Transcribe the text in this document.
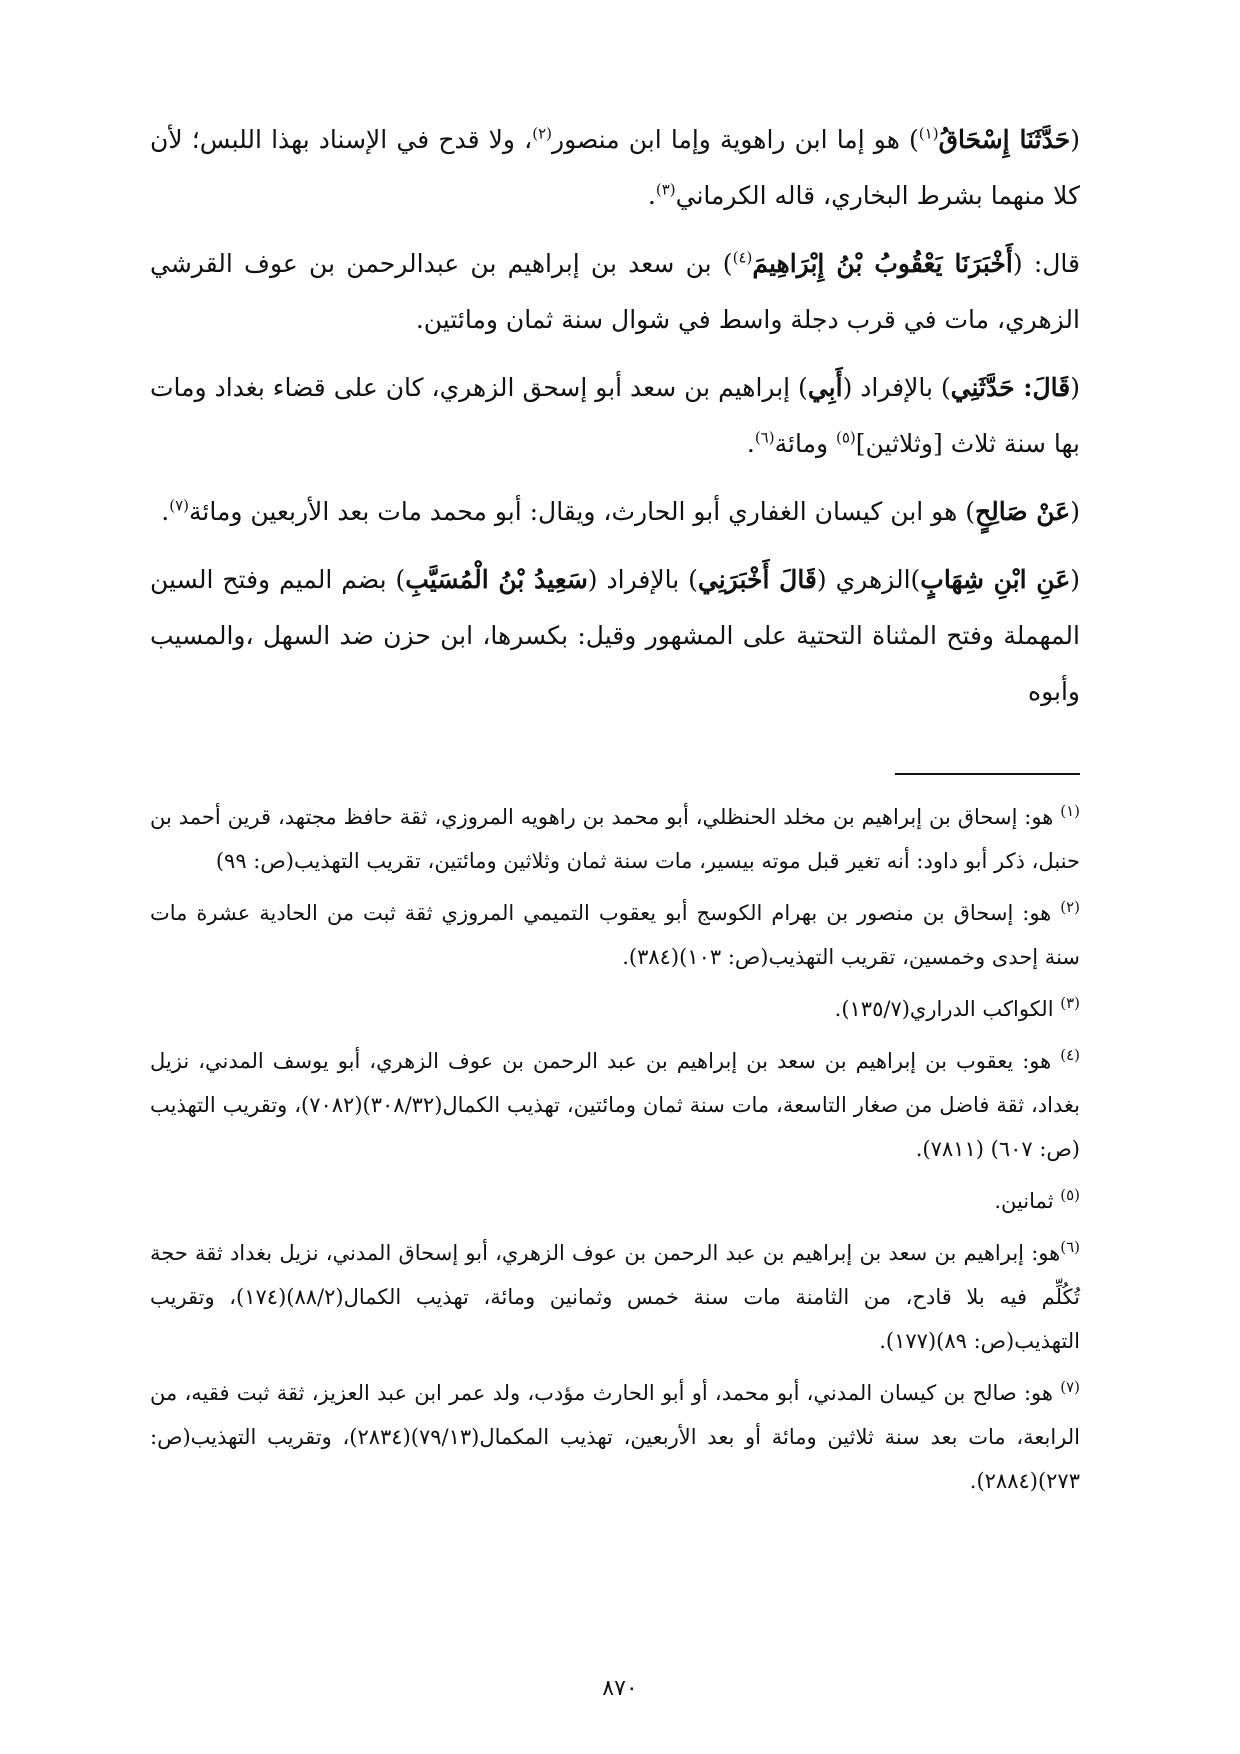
(حَدَّثَنَا إِسْحَاقُ$^{(١)}$) هو إما ابن راهوية وإما ابن منصور$^{(٢)}$، ولا قدح في الإسناد بهذا اللبس؛ لأن كلا منهما بشرط البخاري، قاله الكرماني$^{(٣)}$.

قال: (أَخْبَرَنَا يَعْقُوبُ بْنُ إِبْرَاهِيمَ$^{(٤)}$) بن سعد بن إبراهيم بن عبدالرحمن بن عوف القرشي الزهري، مات في قرب دجلة واسط في شوال سنة ثمان ومائتين.

(قَالَ: حَدَّثَنِي) بالإفراد (أَبِي) إبراهيم بن سعد أبو إسحق الزهري، كان على قضاء بغداد ومات بها سنة ثلاث [وثلاثين]$^{(٥)}$ ومائة$^{(٦)}$.

(عَنْ صَالِحٍ) هو ابن كيسان الغفاري أبو الحارث، ويقال: أبو محمد مات بعد الأربعين ومائة$^{(٧)}$.

(عَنِ ابْنِ شِهَابٍ)الزهري (قَالَ أَخْبَرَنِي) بالإفراد (سَعِيدُ بْنُ الْمُسَيَّبِ) بضم الميم وفتح السين المهملة وفتح المثناة التحتية على المشهور وقيل: بكسرها، ابن حزن ضد السهل ،والمسيب وأبوه

$^{(١)}$ هو: إسحاق بن إبراهيم بن مخلد الحنظلي، أبو محمد بن راهويه المروزي، ثقة حافظ مجتهد، قرين أحمد بن حنبل، ذكر أبو داود: أنه تغير قبل موته بيسير، مات سنة ثمان وثلاثين ومائتين، تقريب التهذيب(ص: ٩٩)

$^{(٢)}$ هو: إسحاق بن منصور بن بهرام الكوسج أبو يعقوب التميمي المروزي ثقة ثبت من الحادية عشرة مات سنة إحدى وخمسين، تقريب التهذيب(ص: ١٠٣)(٣٨٤).

$^{(٣)}$ الكواكب الدراري(١٣٥/٧).

$^{(٤)}$ هو: يعقوب بن إبراهيم بن سعد بن إبراهيم بن عبد الرحمن بن عوف الزهري، أبو يوسف المدني، نزيل بغداد، ثقة فاضل من صغار التاسعة، مات سنة ثمان ومائتين، تهذيب الكمال(٣٠٨/٣٢)(٧٠٨٢)، وتقريب التهذيب (ص: ٦٠٧) (٧٨١١).

$^{(٥)}$ ثمانين.

$^{(٦)}$هو: إبراهيم بن سعد بن إبراهيم بن عبد الرحمن بن عوف الزهري، أبو إسحاق المدني، نزيل بغداد ثقة حجة تُكُلِّم فيه بلا قادح، من الثامنة مات سنة خمس وثمانين ومائة، تهذيب الكمال(٨٨/٢)(١٧٤)، وتقريب التهذيب(ص: ٨٩)(١٧٧).

$^{(٧)}$ هو: صالح بن كيسان المدني، أبو محمد، أو أبو الحارث مؤدب، ولد عمر ابن عبد العزيز، ثقة ثبت فقيه، من الرابعة، مات بعد سنة ثلاثين ومائة أو بعد الأربعين، تهذيب المكمال(٧٩/١٣)(٢٨٣٤)، وتقريب التهذيب(ص: ٢٧٣)(٢٨٨٤).

٨٧٠
